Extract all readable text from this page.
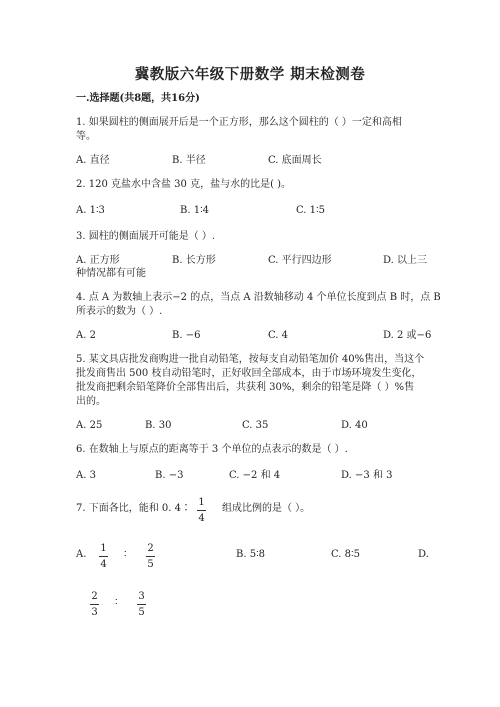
冀教版六年级下册数学 期末检测卷
一.选择题(共8题，共16分)
1. 如果圆柱的侧面展开后是一个正方形，那么这个圆柱的（ ）一定和高相
等。
A. 直径	B. 半径	C. 底面周长
2. 120 克盐水中含盐 30 克，盐与水的比是( )。
A. 1∶3	B. 1∶4	C. 1∶5
3. 圆柱的侧面展开可能是（ ）.
A. 正方形	B. 长方形	C. 平行四边形	D. 以上三
种情况都有可能
4. 点 A 为数轴上表示−2 的点，当点 A 沿数轴移动 4 个单位长度到点 B 时，点 B
所表示的数为（ ）.
A. 2	B. −6	C. 4	D. 2 或−6
5. 某文具店批发商购进一批自动铅笔，按每支自动铅笔加价 40%售出，当这个
批发商售出 500 枝自动铅笔时，正好收回全部成本，由于市场环境发生变化，
批发商把剩余铅笔降价全部售出后，共获利 30%，剩余的铅笔是降（ ）%售
出的。
A. 25	B. 30	C. 35	D. 40
6. 在数轴上与原点的距离等于 3 个单位的点表示的数是（ ）.
A. 3	B. −3	C. −2 和 4	D. −3 和 3
7. 下面各比，能和 0. 4∶
1
4
组成比例的是（ ）。
A.
1
4
∶
2
5
B. 5∶8	C. 8∶5	D.
2
3
∶
3
5
